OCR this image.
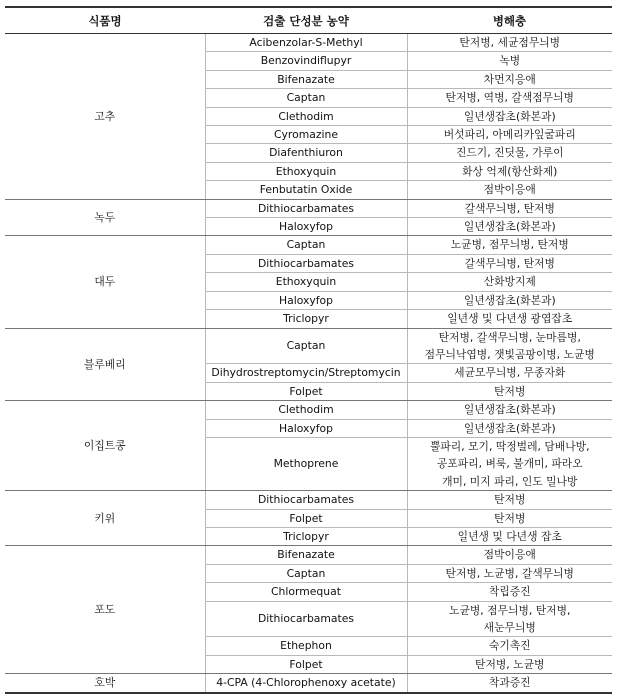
식품명	검출 단성분 농약	병해충
고추	Acibenzolar-S-Methyl	탄저병, 세균점무늬병

	Benzovindiflupyr	녹병

	Bifenazate	차먼지응애

	Captan	탄저병, 역병, 갈색점무늬병

	Clethodim	일년생잡초(화본과)

	Cyromazine	버섯파리, 아메리카잎굴파리

	Diafenthiuron	진드기, 진딧물, 가루이

	Ethoxyquin	화상 억제(항산화제)

	Fenbutatin Oxide	점박이응애

녹두	Dithiocarbamates	갈색무늬병, 탄저병

	Haloxyfop	일년생잡초(화본과)

대두	Captan	노균병, 점무늬병, 탄저병

	Dithiocarbamates	갈색무늬병, 탄저병

	Ethoxyquin	산화방지제

	Haloxyfop	일년생잡초(화본과)

	Triclopyr	일년생 및 다년생 광엽잡초

블루베리	Captan	탄저병, 갈색무늬병, 눈마름병,
점무늬낙엽병, 잿빛곰팡이병, 노균병

	Dihydrostreptomycin/Streptomycin	세균모무늬병, 무종자화

	Folpet	탄저병

이집트콩	Clethodim	일년생잡초(화본과)

	Haloxyfop	일년생잡초(화본과)

	Methoprene	뿔파리, 모기, 딱정벌레, 담배나방,
공포파리, 벼룩, 불개미, 파라오
개미, 미지 파리, 인도 밀나방

키위	Dithiocarbamates	탄저병

	Folpet	탄저병

	Triclopyr	일년생 및 다년생 잡초

포도	Bifenazate	점박이응애

	Captan	탄저병, 노균병, 갈색무늬병

	Chlormequat	착립증진

	Dithiocarbamates	노균병, 점무늬병, 탄저병,
새눈무늬병

	Ethephon	숙기촉진

	Folpet	탄저병, 노균병

호박	4-CPA (4-Chlorophenoxy acetate)	착과증진
